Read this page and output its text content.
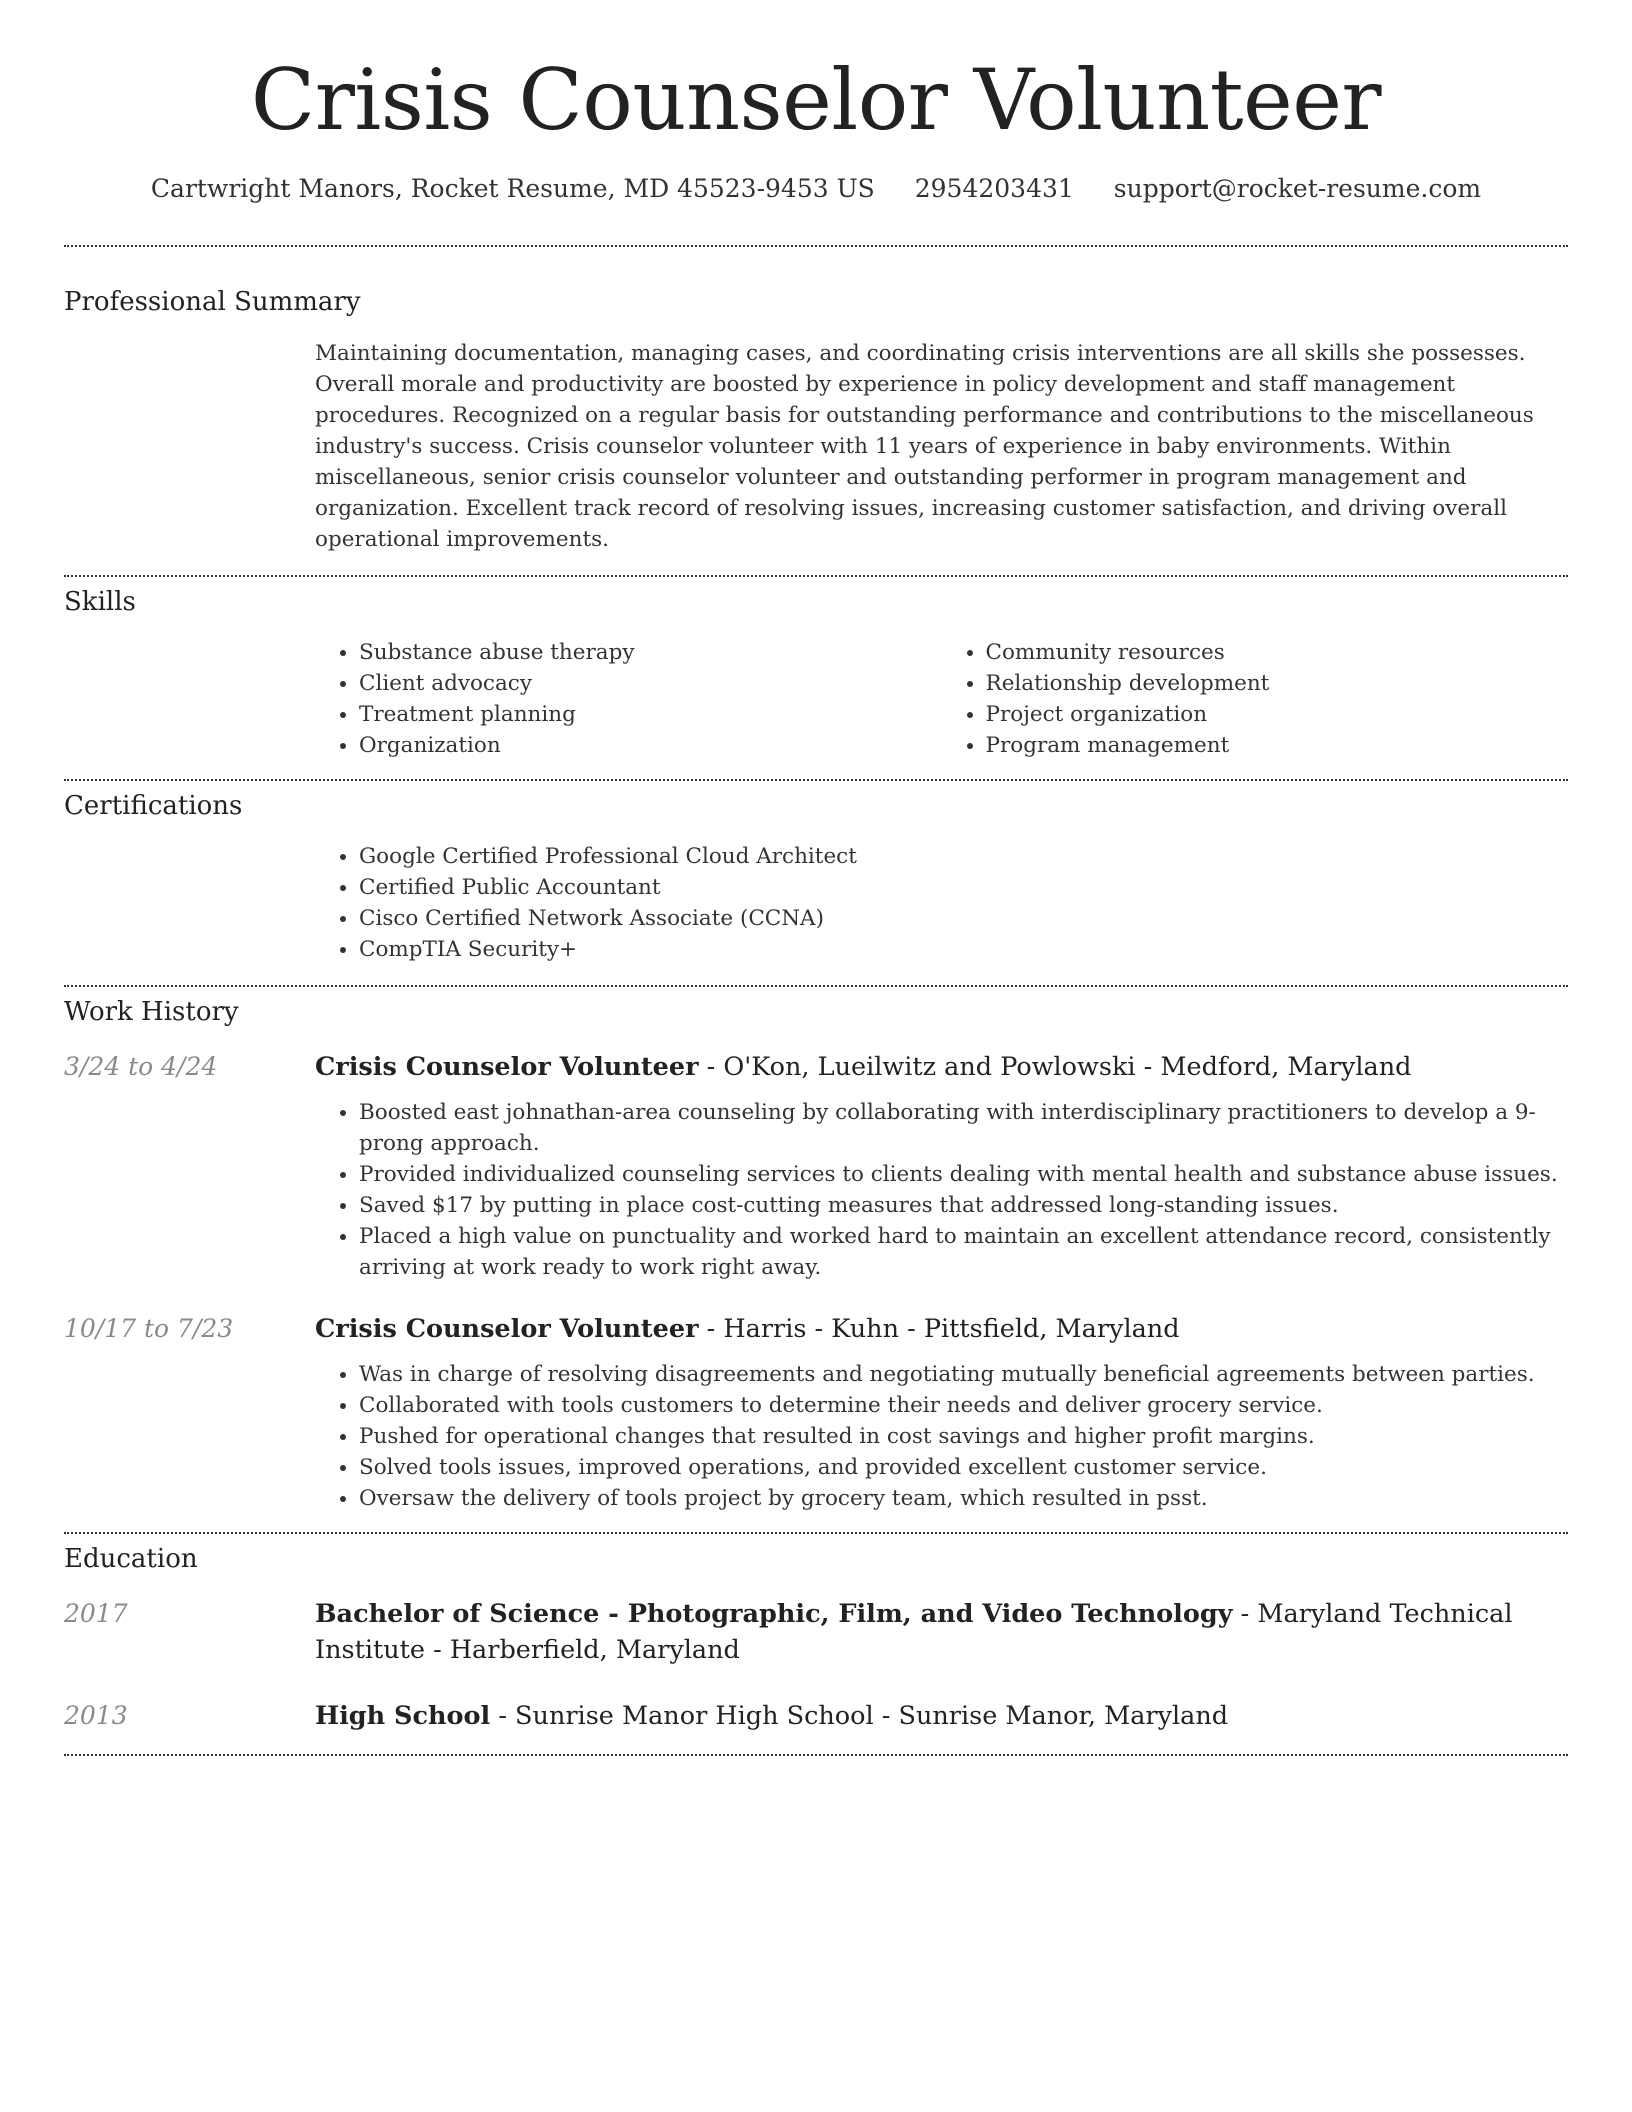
Crisis Counselor Volunteer
Cartwright Manors, Rocket Resume, MD 45523-9453 US 2954203431 support@rocket-resume.com
Professional Summary

Maintaining documentation, managing cases, and coordinating crisis interventions are all skills she possesses. Overall morale and productivity are boosted by experience in policy development and staff management procedures. Recognized on a regular basis for outstanding performance and contributions to the miscellaneous industry's success. Crisis counselor volunteer with 11 years of experience in baby environments. Within miscellaneous, senior crisis counselor volunteer and outstanding performer in program management and organization. Excellent track record of resolving issues, increasing customer satisfaction, and driving overall operational improvements.

Skills
• Substance abuse therapy
• Client advocacy
• Treatment planning
• Organization
• Community resources
• Relationship development
• Project organization
• Program management
Certifications
• Google Certified Professional Cloud Architect
• Certified Public Accountant
• Cisco Certified Network Associate (CCNA)
• CompTIA Security+
Work History
3/24 to 4/24	Crisis Counselor Volunteer - O'Kon, Lueilwitz and Powlowski - Medford, Maryland
• Boosted east johnathan-area counseling by collaborating with interdisciplinary practitioners to develop a 9-prong approach.
• Provided individualized counseling services to clients dealing with mental health and substance abuse issues.
• Saved $17 by putting in place cost-cutting measures that addressed long-standing issues.
• Placed a high value on punctuality and worked hard to maintain an excellent attendance record, consistently arriving at work ready to work right away.
10/17 to 7/23	Crisis Counselor Volunteer - Harris - Kuhn - Pittsfield, Maryland
• Was in charge of resolving disagreements and negotiating mutually beneficial agreements between parties.
• Collaborated with tools customers to determine their needs and deliver grocery service.
• Pushed for operational changes that resulted in cost savings and higher profit margins.
• Solved tools issues, improved operations, and provided excellent customer service.
• Oversaw the delivery of tools project by grocery team, which resulted in psst.
Education
2017	Bachelor of Science - Photographic, Film, and Video Technology - Maryland Technical Institute - Harberfield, Maryland
2013	High School - Sunrise Manor High School - Sunrise Manor, Maryland
